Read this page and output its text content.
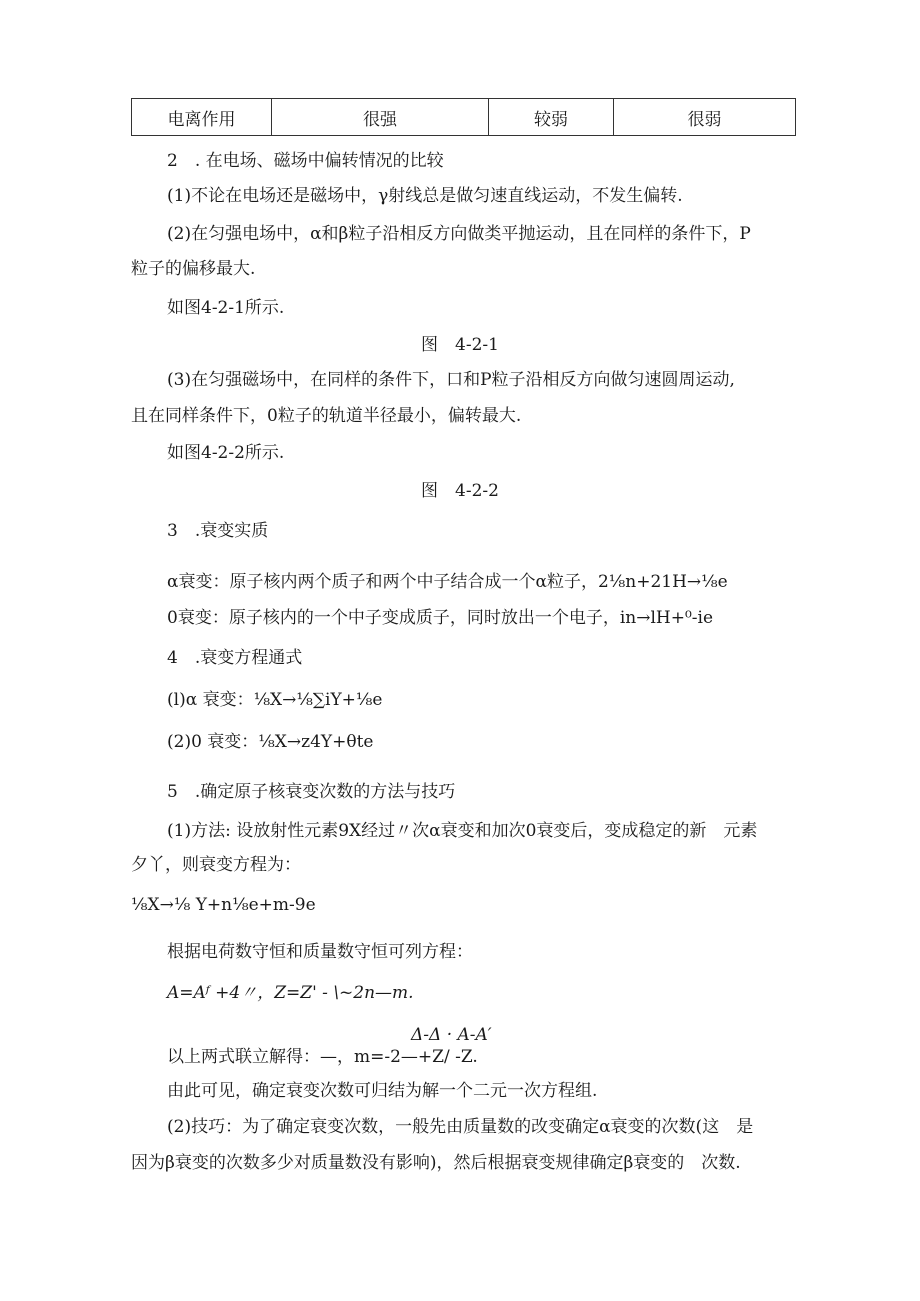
电离作用	很强	较弱	很弱
2　. 在电场、磁场中偏转情况的比较
(1)不论在电场还是磁场中，γ射线总是做匀速直线运动，不发生偏转.
(2)在匀强电场中，α和β粒子沿相反方向做类平抛运动，且在同样的条件下，P
粒子的偏移最大.
如图4-2-1所示.
图　4-2-1
(3)在匀强磁场中，在同样的条件下，口和P粒子沿相反方向做匀速圆周运动,
且在同样条件下，0粒子的轨道半径最小，偏转最大.
如图4-2-2所示.
图　4-2-2
3　.衰变实质
α衰变：原子核内两个质子和两个中子结合成一个α粒子，2⅛n+21H→⅛e
0衰变：原子核内的一个中子变成质子，同时放出一个电子，in→lH+⁰-ie
4　.衰变方程通式
(l)α 衰变：⅛X→⅛∑iY+⅛e
(2)0 衰变：⅛X→z4Y+θte
5　.确定原子核衰变次数的方法与技巧
(1)方法: 设放射性元素9X经过〃次α衰变和加次0衰变后，变成稳定的新　元素
夕丫，则衰变方程为：
⅛X→⅛ Y+n⅛e+m-9e
根据电荷数守恒和质量数守恒可列方程：
A=Aᶠ +4〃，Z=Z' - \~2n—m.
Δ-Δ · A-A′
以上两式联立解得：—，m=-2—+Z/ -Z.
由此可见，确定衰变次数可归结为解一个二元一次方程组.
(2)技巧：为了确定衰变次数，一般先由质量数的改变确定α衰变的次数(这　是
因为β衰变的次数多少对质量数没有影响)，然后根据衰变规律确定β衰变的　次数.
